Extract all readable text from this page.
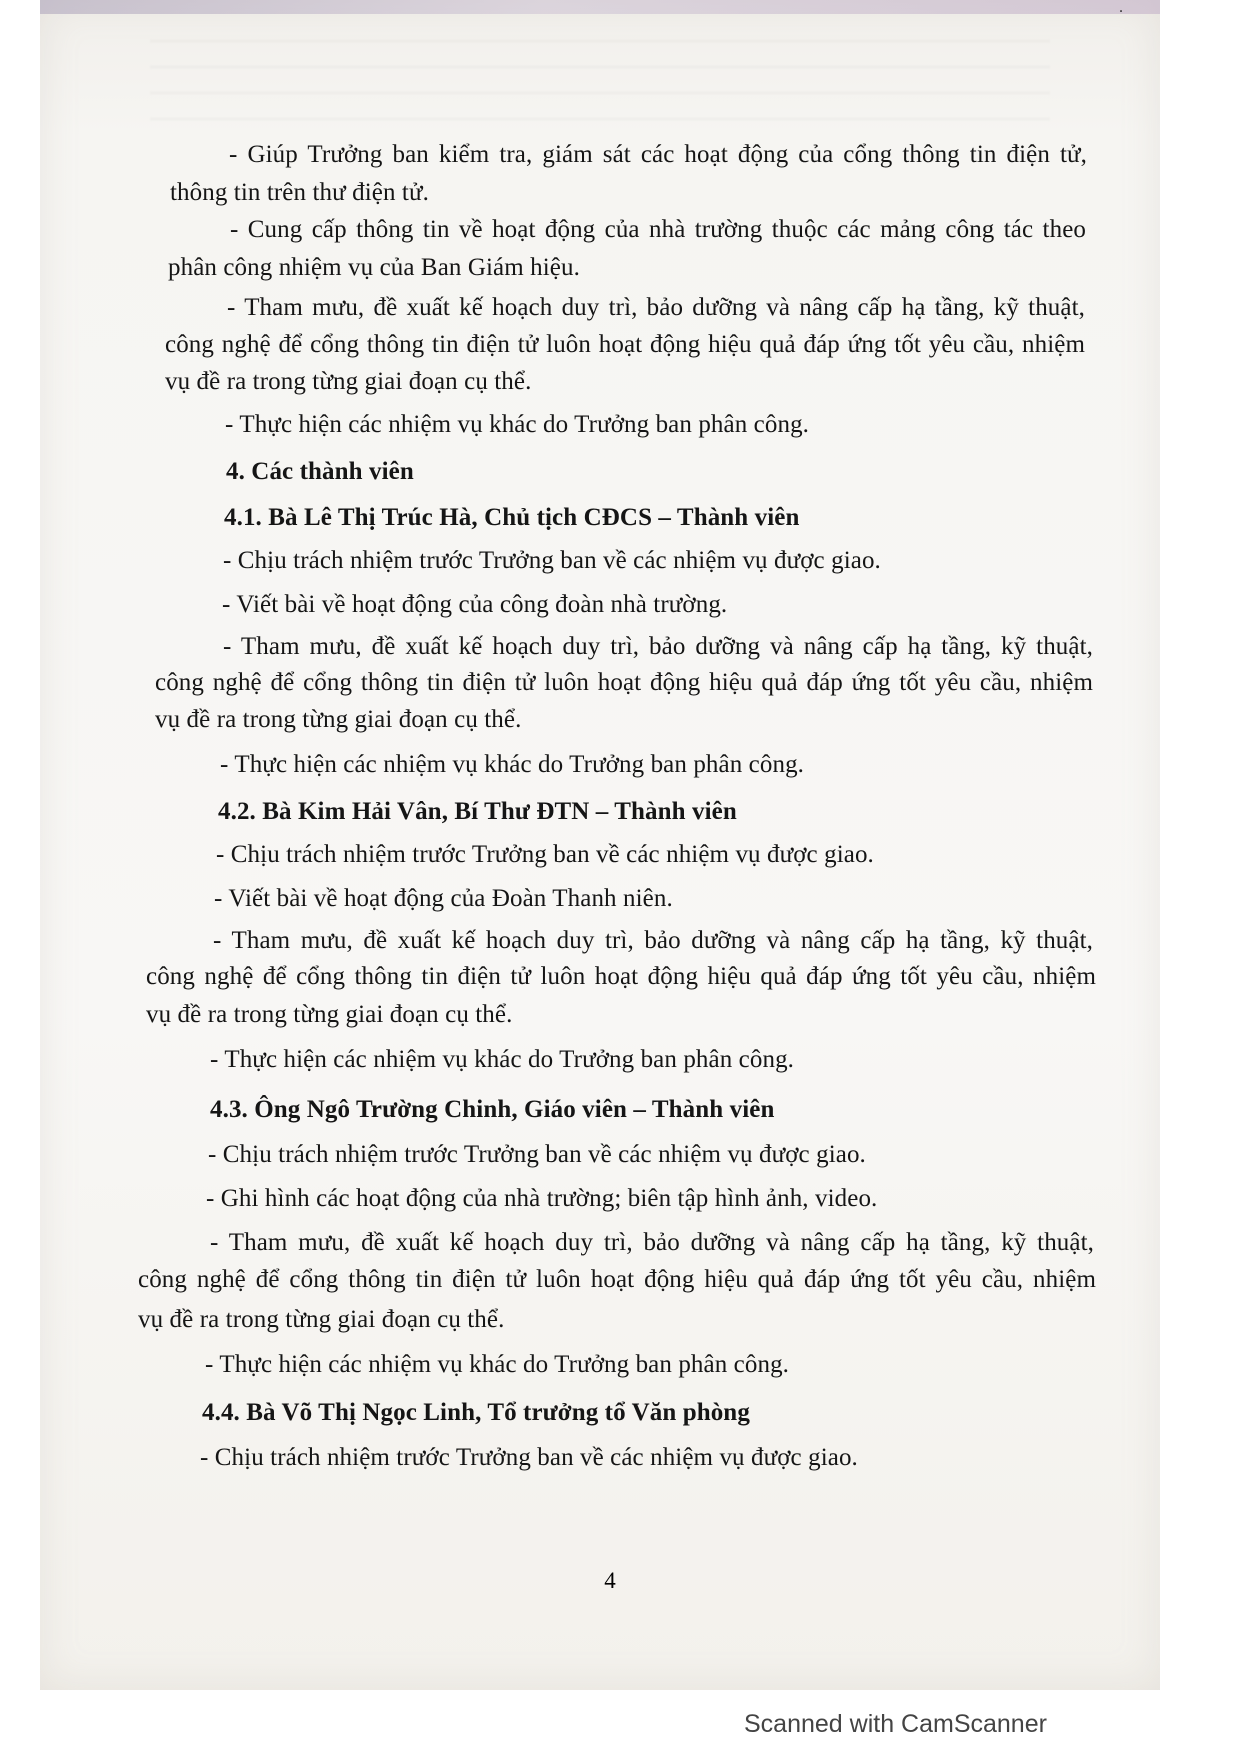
˙
- Giúp Trưởng ban kiểm tra, giám sát các hoạt động của cổng thông tin điện tử,
thông tin trên thư điện tử.
- Cung cấp thông tin về hoạt động của nhà trường thuộc các mảng công tác theo
phân công nhiệm vụ của Ban Giám hiệu.
- Tham mưu, đề xuất kế hoạch duy trì, bảo dưỡng và nâng cấp hạ tầng, kỹ thuật,
công nghệ để cổng thông tin điện tử luôn hoạt động hiệu quả đáp ứng tốt yêu cầu, nhiệm
vụ đề ra trong từng giai đoạn cụ thể.
- Thực hiện các nhiệm vụ khác do Trưởng ban phân công.
4. Các thành viên
4.1. Bà Lê Thị Trúc Hà, Chủ tịch CĐCS – Thành viên
- Chịu trách nhiệm trước Trưởng ban về các nhiệm vụ được giao.
- Viết bài về hoạt động của công đoàn nhà trường.
- Tham mưu, đề xuất kế hoạch duy trì, bảo dưỡng và nâng cấp hạ tầng, kỹ thuật,
công nghệ để cổng thông tin điện tử luôn hoạt động hiệu quả đáp ứng tốt yêu cầu, nhiệm
vụ đề ra trong từng giai đoạn cụ thể.
- Thực hiện các nhiệm vụ khác do Trưởng ban phân công.
4.2. Bà Kim Hải Vân, Bí Thư ĐTN – Thành viên
- Chịu trách nhiệm trước Trưởng ban về các nhiệm vụ được giao.
- Viết bài về hoạt động của Đoàn Thanh niên.
- Tham mưu, đề xuất kế hoạch duy trì, bảo dưỡng và nâng cấp hạ tầng, kỹ thuật,
công nghệ để cổng thông tin điện tử luôn hoạt động hiệu quả đáp ứng tốt yêu cầu, nhiệm
vụ đề ra trong từng giai đoạn cụ thể.
- Thực hiện các nhiệm vụ khác do Trưởng ban phân công.
4.3. Ông Ngô Trường Chinh, Giáo viên – Thành viên
- Chịu trách nhiệm trước Trưởng ban về các nhiệm vụ được giao.
- Ghi hình các hoạt động của nhà trường; biên tập hình ảnh, video.
- Tham mưu, đề xuất kế hoạch duy trì, bảo dưỡng và nâng cấp hạ tầng, kỹ thuật,
công nghệ để cổng thông tin điện tử luôn hoạt động hiệu quả đáp ứng tốt yêu cầu, nhiệm
vụ đề ra trong từng giai đoạn cụ thể.
- Thực hiện các nhiệm vụ khác do Trưởng ban phân công.
4.4. Bà Võ Thị Ngọc Linh, Tổ trưởng tổ Văn phòng
- Chịu trách nhiệm trước Trưởng ban về các nhiệm vụ được giao.
4
Scanned with CamScanner
